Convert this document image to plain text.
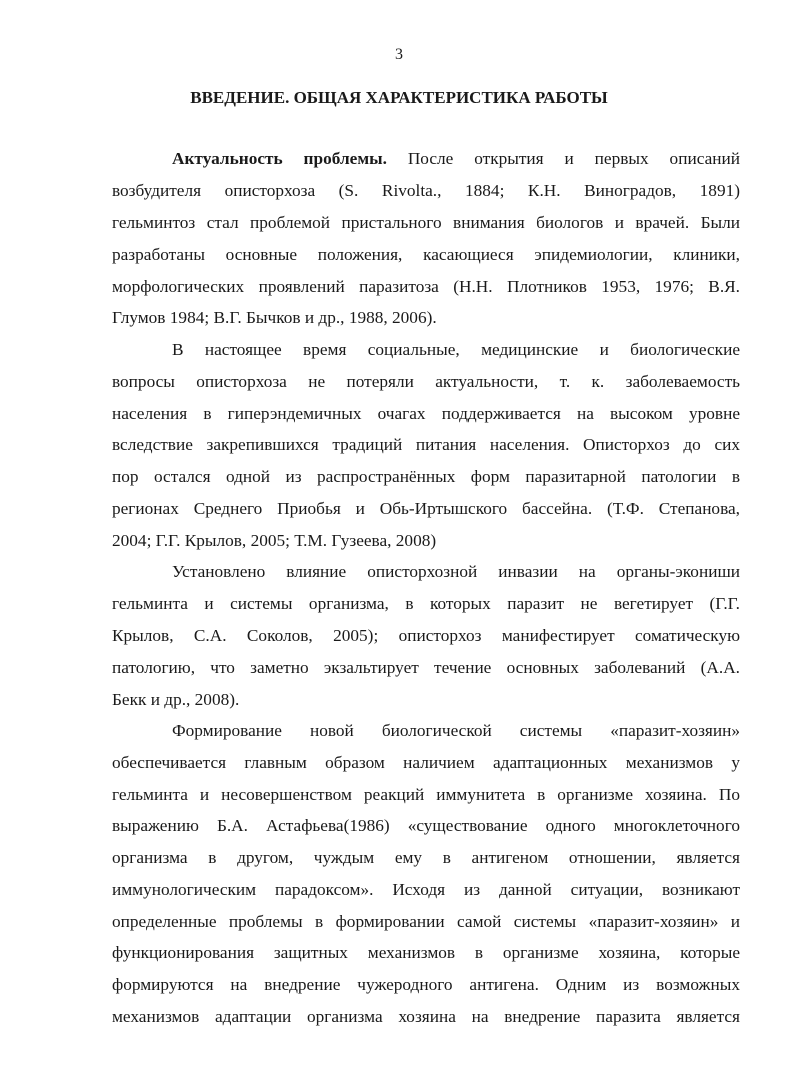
3
ВВЕДЕНИЕ. ОБЩАЯ ХАРАКТЕРИСТИКА РАБОТЫ
Актуальность проблемы. После открытия и первых описаний
возбудителя описторхоза (S. Rivolta., 1884; К.Н. Виноградов, 1891)
гельминтоз стал проблемой пристального внимания биологов и врачей. Были
разработаны основные положения, касающиеся эпидемиологии, клиники,
морфологических проявлений паразитоза (Н.Н. Плотников 1953, 1976; В.Я.
Глумов 1984; В.Г. Бычков и др., 1988, 2006).
В настоящее время социальные, медицинские и биологические
вопросы описторхоза не потеряли актуальности, т. к. заболеваемость
населения в гиперэндемичных очагах поддерживается на высоком уровне
вследствие закрепившихся традиций питания населения. Описторхоз до сих
пор остался одной из распространённых форм паразитарной патологии в
регионах Среднего Приобья и Обь-Иртышского бассейна. (Т.Ф. Степанова,
2004; Г.Г. Крылов, 2005; Т.М. Гузеева, 2008)
Установлено влияние описторхозной инвазии на органы-экониши
гельминта и системы организма, в которых паразит не вегетирует (Г.Г.
Крылов, С.А. Соколов, 2005); описторхоз манифестирует соматическую
патологию, что заметно экзальтирует течение основных заболеваний (А.А.
Бекк и др., 2008).
Формирование новой биологической системы «паразит-хозяин»
обеспечивается главным образом наличием адаптационных механизмов у
гельминта и несовершенством реакций иммунитета в организме хозяина. По
выражению Б.А. Астафьева(1986) «существование одного многоклеточного
организма в другом, чуждым ему в антигеном отношении, является
иммунологическим парадоксом». Исходя из данной ситуации, возникают
определенные проблемы в формировании самой системы «паразит-хозяин» и
функционирования защитных механизмов в организме хозяина, которые
формируются на внедрение чужеродного антигена. Одним из возможных
механизмов адаптации организма хозяина на внедрение паразита является
